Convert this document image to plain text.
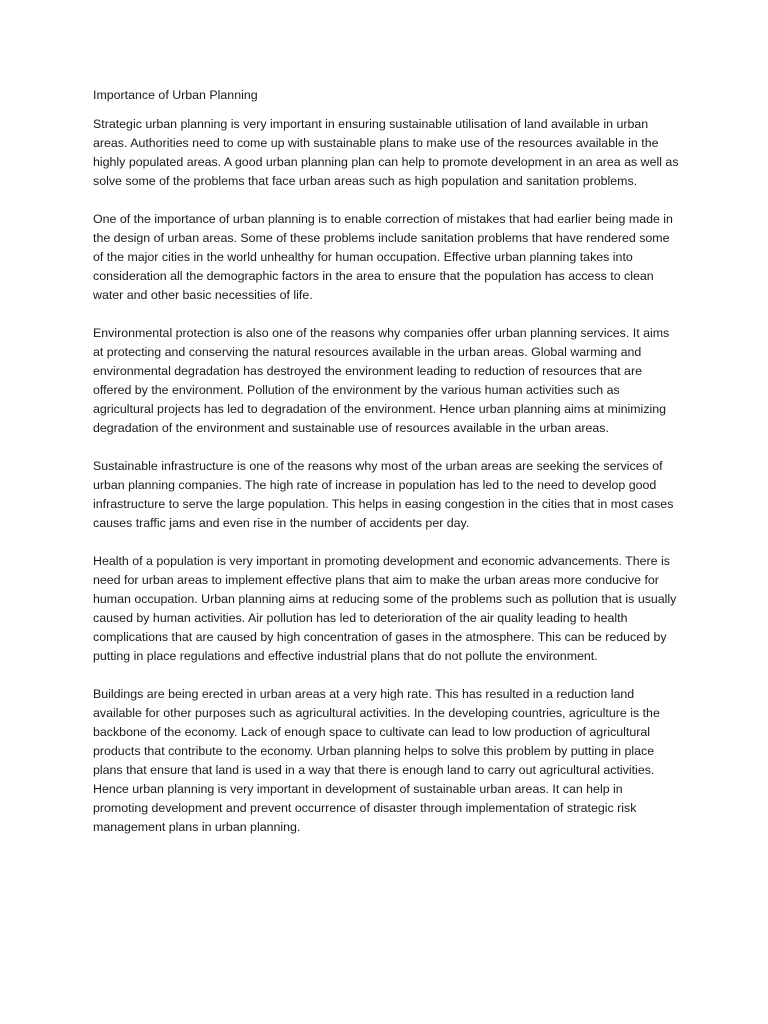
Importance of Urban Planning

Strategic urban planning is very important in ensuring sustainable utilisation of land available in urban areas. Authorities need to come up with sustainable plans to make use of the resources available in the highly populated areas. A good urban planning plan can help to promote development in an area as well as solve some of the problems that face urban areas such as high population and sanitation problems.

One of the importance of urban planning is to enable correction of mistakes that had earlier being made in the design of urban areas. Some of these problems include sanitation problems that have rendered some of the major cities in the world unhealthy for human occupation. Effective urban planning takes into consideration all the demographic factors in the area to ensure that the population has access to clean water and other basic necessities of life.

Environmental protection is also one of the reasons why companies offer urban planning services. It aims at protecting and conserving the natural resources available in the urban areas. Global warming and environmental degradation has destroyed the environment leading to reduction of resources that are offered by the environment. Pollution of the environment by the various human activities such as agricultural projects has led to degradation of the environment. Hence urban planning aims at minimizing degradation of the environment and sustainable use of resources available in the urban areas.

Sustainable infrastructure is one of the reasons why most of the urban areas are seeking the services of urban planning companies. The high rate of increase in population has led to the need to develop good infrastructure to serve the large population. This helps in easing congestion in the cities that in most cases causes traffic jams and even rise in the number of accidents per day.

Health of a population is very important in promoting development and economic advancements. There is need for urban areas to implement effective plans that aim to make the urban areas more conducive for human occupation. Urban planning aims at reducing some of the problems such as pollution that is usually caused by human activities. Air pollution has led to deterioration of the air quality leading to health complications that are caused by high concentration of gases in the atmosphere. This can be reduced by putting in place regulations and effective industrial plans that do not pollute the environment.

Buildings are being erected in urban areas at a very high rate. This has resulted in a reduction land available for other purposes such as agricultural activities. In the developing countries, agriculture is the backbone of the economy. Lack of enough space to cultivate can lead to low production of agricultural products that contribute to the economy. Urban planning helps to solve this problem by putting in place plans that ensure that land is used in a way that there is enough land to carry out agricultural activities. Hence urban planning is very important in development of sustainable urban areas. It can help in promoting development and prevent occurrence of disaster through implementation of strategic risk management plans in urban planning.
